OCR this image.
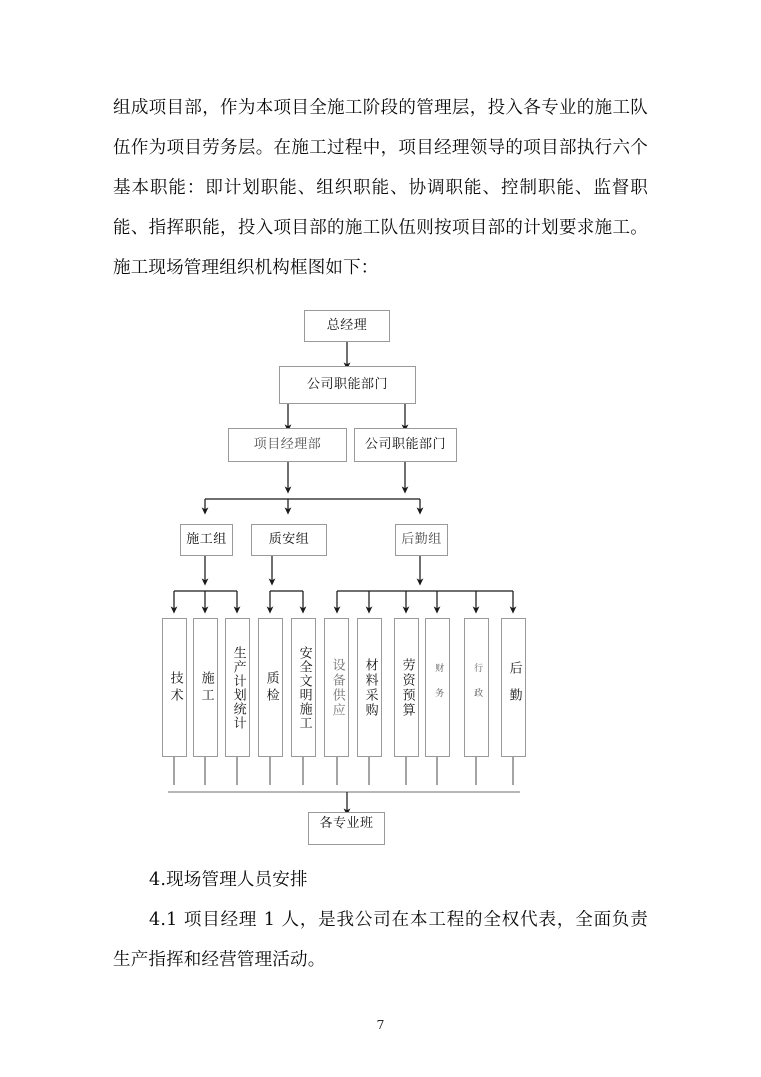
组成项目部，作为本项目全施工阶段的管理层，投入各专业的施工队伍作为项目劳务层。在施工过程中，项目经理领导的项目部执行六个基本职能：即计划职能、组织职能、协调职能、控制职能、监督职能、指挥职能，投入项目部的施工队伍则按项目部的计划要求施工。施工现场管理组织机构框图如下：
总经理
公司职能部门
项目经理部	公司职能部门
施工组	质安组	后勤组
技术 施工 生产计划统计 质检 安全文明施工 设备供应 材料采购 劳资预算 财务	行政 后勤
各专业班
4.现场管理人员安排
4.1 项目经理 1 人，是我公司在本工程的全权代表，全面负责生产指挥和经营管理活动。
7
